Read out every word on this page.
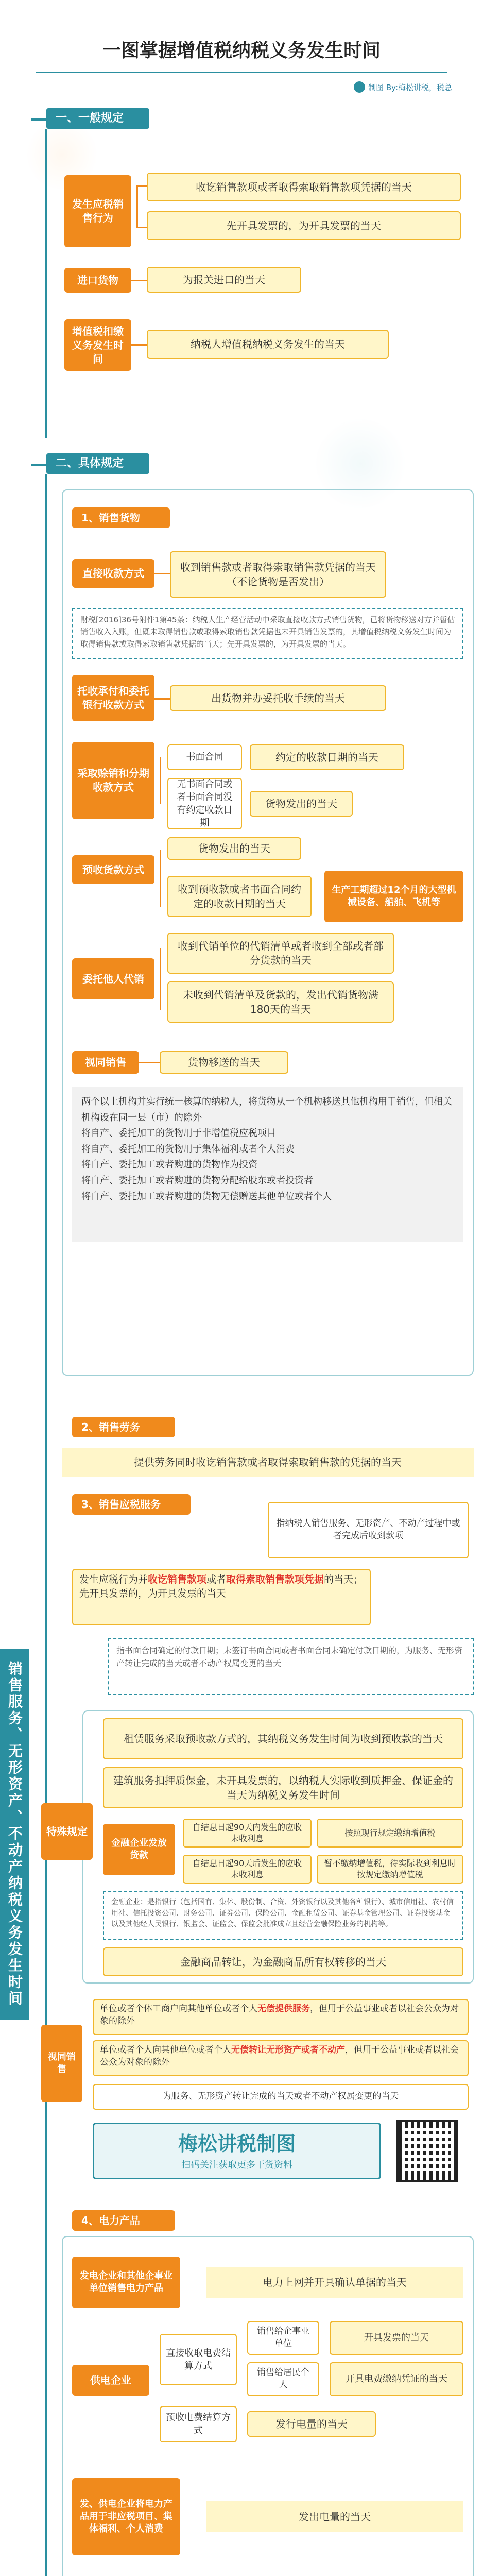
一图掌握增值税纳税义务发生时间
制图 By:梅松讲税，税总
一、一般规定
发生应税销售行为
收讫销售款项或者取得索取销售款项凭据的当天
先开具发票的，为开具发票的当天
进口货物	为报关进口的当天
增值税扣缴义务发生时间
纳税人增值税纳税义务发生的当天
二、具体规定
1、销售货物
直接收款方式	收到销售款或者取得索取销售款凭据的当天（不论货物是否发出）
财税[2016]36号附件1第45条：纳税人生产经营活动中采取直接收款方式销售货物，已将货物移送对方并暂估销售收入入账，但既未取得销售款或取得索取销售款凭据也未开具销售发票的，其增值税纳税义务发生时间为取得销售款或取得索取销售款凭据的当天；先开具发票的，为开具发票的当天。
托收承付和委托银行收款方式
出货物并办妥托收手续的当天
采取赊销和分期收款方式
书面合同	约定的收款日期的当天
无书面合同或者书面合同没有约定收款日期
货物发出的当天
预收货款方式
货物发出的当天
收到预收款或者书面合同约定的收款日期的当天
生产工期超过12个月的大型机械设备、船舶、飞机等
委托他人代销
收到代销单位的代销清单或者收到全部或者部分货款的当天
未收到代销清单及货款的，发出代销货物满180天的当天
视同销售	货物移送的当天
两个以上机构并实行统一核算的纳税人，将货物从一个机构移送其他机构用于销售，但相关机构设在同一县（市）的除外
将自产、委托加工的货物用于非增值税应税项目
将自产、委托加工的货物用于集体福利或者个人消费
将自产、委托加工或者购进的货物作为投资
将自产、委托加工或者购进的货物分配给股东或者投资者
将自产、委托加工或者购进的货物无偿赠送其他单位或者个人
2、销售劳务
提供劳务同时收讫销售款或者取得索取销售款的凭据的当天
3、销售应税服务
销售服务、无形资产、不动产纳税义务发生时间
指纳税人销售服务、无形资产、不动产过程中或者完成后收到款项
发生应税行为并收讫销售款项或者取得索取销售款项凭据的当天；先开具发票的，为开具发票的当天
指书面合同确定的付款日期；未签订书面合同或者书面合同未确定付款日期的，为服务、无形资产转让完成的当天或者不动产权属变更的当天
特殊规定
租赁服务采取预收款方式的，其纳税义务发生时间为收到预收款的当天
建筑服务扣押质保金，未开具发票的，以纳税人实际收到质押金、保证金的当天为纳税义务发生时间
金融企业发放贷款
自结息日起90天内发生的应收未收利息
按照现行规定缴纳增值税
自结息日起90天后发生的应收未收利息
暂不缴纳增值税，待实际收到利息时按规定缴纳增值税
金融企业：是指银行（包括国有、集体、股份制、合资、外资银行以及其他各种银行）、城市信用社、农村信用社、信托投资公司、财务公司、证券公司、保险公司、金融租赁公司、证券基金管理公司、证券投资基金以及其他经人民银行、银监会、证监会、保监会批准成立且经营金融保险业务的机构等。
金融商品转让，为金融商品所有权转移的当天
视同销售
单位或者个体工商户向其他单位或者个人无偿提供服务，但用于公益事业或者以社会公众为对象的除外
单位或者个人向其他单位或者个人无偿转让无形资产或者不动产，但用于公益事业或者以社会公众为对象的除外
为服务、无形资产转让完成的当天或者不动产权属变更的当天
梅松讲税制图
扫码关注获取更多干货资料
4、电力产品
发电企业和其他企事业单位销售电力产品	电力上网并开具确认单据的当天
供电企业
直接收取电费结算方式
销售给企事业单位
开具发票的当天
销售给居民个人
开具电费缴纳凭证的当天
预收电费结算方式
发行电量的当天
发、供电企业将电力产品用于非应税项目、集体福利、个人消费
发出电量的当天
